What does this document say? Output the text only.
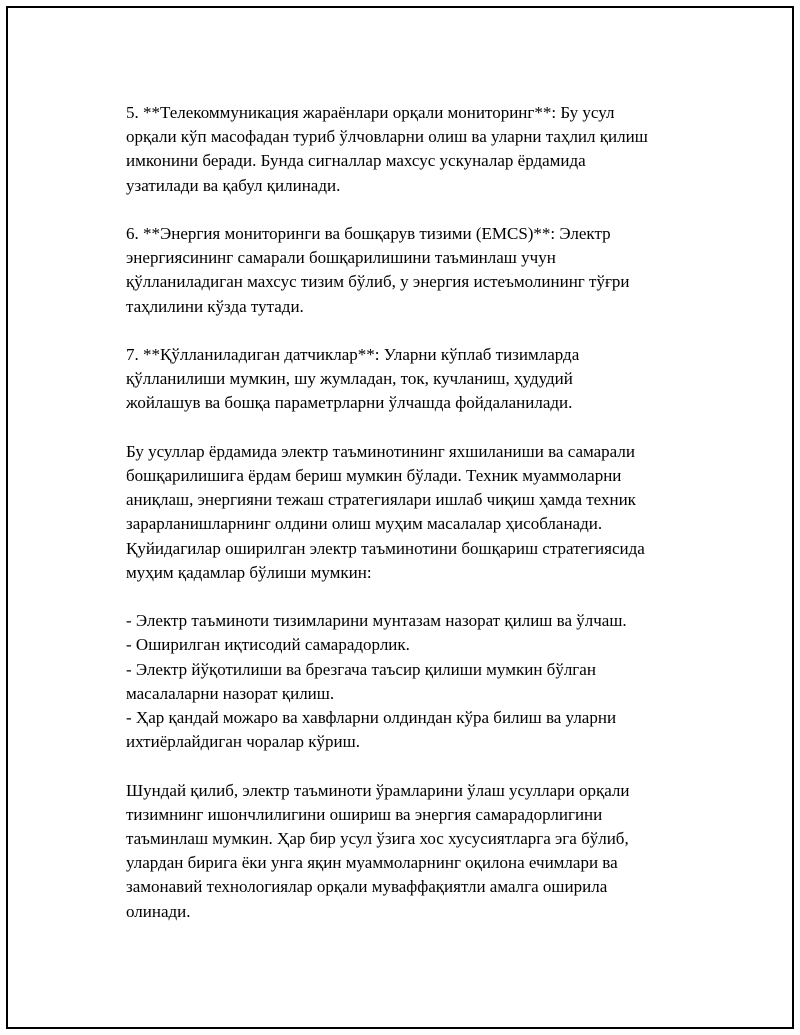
5. **Телекоммуникация жараёнлари орқали мониторинг**: Бу усул
орқали кўп масофадан туриб ўлчовларни олиш ва уларни таҳлил қилиш
имконини беради. Бунда сигналлар махсус ускуналар ёрдамида
узатилади ва қабул қилинади.

6. **Энергия мониторинги ва бошқарув тизими (EMCS)**: Электр
энергиясининг самарали бошқарилишини таъминлаш учун
қўлланиладиган махсус тизим бўлиб, у энергия истеъмолининг тўғри
таҳлилини кўзда тутади.

7. **Қўлланиладиган датчиклар**: Уларни кўплаб тизимларда
қўлланилиши мумкин, шу жумладан, ток, кучланиш, ҳудудий
жойлашув ва бошқа параметрларни ўлчашда фойдаланилади.

Бу усуллар ёрдамида электр таъминотининг яхшиланиши ва самарали
бошқарилишига ёрдам бериш мумкин бўлади. Техник муаммоларни
аниқлаш, энергияни тежаш стратегиялари ишлаб чиқиш ҳамда техник
зарарланишларнинг олдини олиш муҳим масалалар ҳисобланади.
Қуйидагилар оширилган электр таъминотини бошқариш стратегиясида
муҳим қадамлар бўлиши мумкин:

- Электр таъминоти тизимларини мунтазам назорат қилиш ва ўлчаш.
- Оширилган иқтисодий самарадорлик.
- Электр йўқотилиши ва брезгача таъсир қилиши мумкин бўлган
масалаларни назорат қилиш.
- Ҳар қандай можаро ва хавфларни олдиндан кўра билиш ва уларни
ихтиёрлайдиган чоралар кўриш.

Шундай қилиб, электр таъминоти ўрамларини ўлаш усуллари орқали
тизимнинг ишончлилигини ошириш ва энергия самарадорлигини
таъминлаш мумкин. Ҳар бир усул ўзига хос хусусиятларга эга бўлиб,
улардан бирига ёки унга яқин муаммоларнинг оқилона ечимлари ва
замонавий технологиялар орқали муваффақиятли амалга оширила
олинади.
